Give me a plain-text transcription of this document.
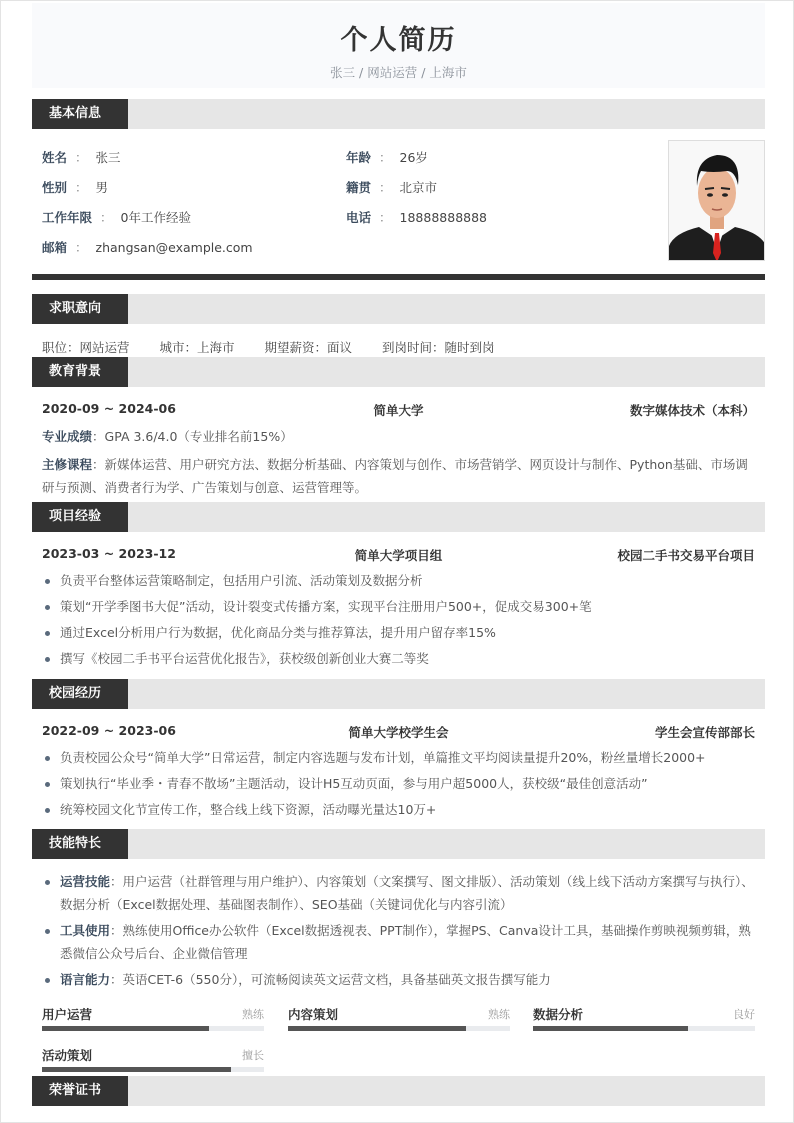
个人简历
张三 / 网站运营 / 上海市
基本信息
姓名 ： 张三	年龄 ： 26岁
性别 ： 男	籍贯 ： 北京市
工作年限 ： 0年工作经验	电话 ： 18888888888
邮箱 ： zhangsan@example.com
求职意向
职位：网站运营 城市：上海市 期望薪资：面议 到岗时间：随时到岗
教育背景
2020-09 ~ 2024-06	简单大学	数字媒体技术（本科）
专业成绩：GPA 3.6/4.0（专业排名前15%）
主修课程：新媒体运营、用户研究方法、数据分析基础、内容策划与创作、市场营销学、网页设计与制作、Python基础、市场调研与预测、消费者行为学、广告策划与创意、运营管理等。
项目经验
2023-03 ~ 2023-12	简单大学项目组	校园二手书交易平台项目
负责平台整体运营策略制定，包括用户引流、活动策划及数据分析
策划“开学季图书大促”活动，设计裂变式传播方案，实现平台注册用户500+，促成交易300+笔
通过Excel分析用户行为数据，优化商品分类与推荐算法，提升用户留存率15%
撰写《校园二手书平台运营优化报告》，获校级创新创业大赛二等奖
校园经历
2022-09 ~ 2023-06	简单大学校学生会	学生会宣传部部长
负责校园公众号“简单大学”日常运营，制定内容选题与发布计划，单篇推文平均阅读量提升20%，粉丝量增长2000+
策划执行“毕业季・青春不散场”主题活动，设计H5互动页面，参与用户超5000人，获校级“最佳创意活动”
统筹校园文化节宣传工作，整合线上线下资源，活动曝光量达10万+
技能特长
运营技能：用户运营（社群管理与用户维护）、内容策划（文案撰写、图文排版）、活动策划（线上线下活动方案撰写与执行）、数据分析（Excel数据处理、基础图表制作）、SEO基础（关键词优化与内容引流）
工具使用：熟练使用Office办公软件（Excel数据透视表、PPT制作），掌握PS、Canva设计工具，基础操作剪映视频剪辑，熟悉微信公众号后台、企业微信管理
语言能力：英语CET-6（550分），可流畅阅读英文运营文档，具备基础英文报告撰写能力
用户运营	熟练 内容策划	熟练 数据分析	良好
活动策划	擅长
荣誉证书
